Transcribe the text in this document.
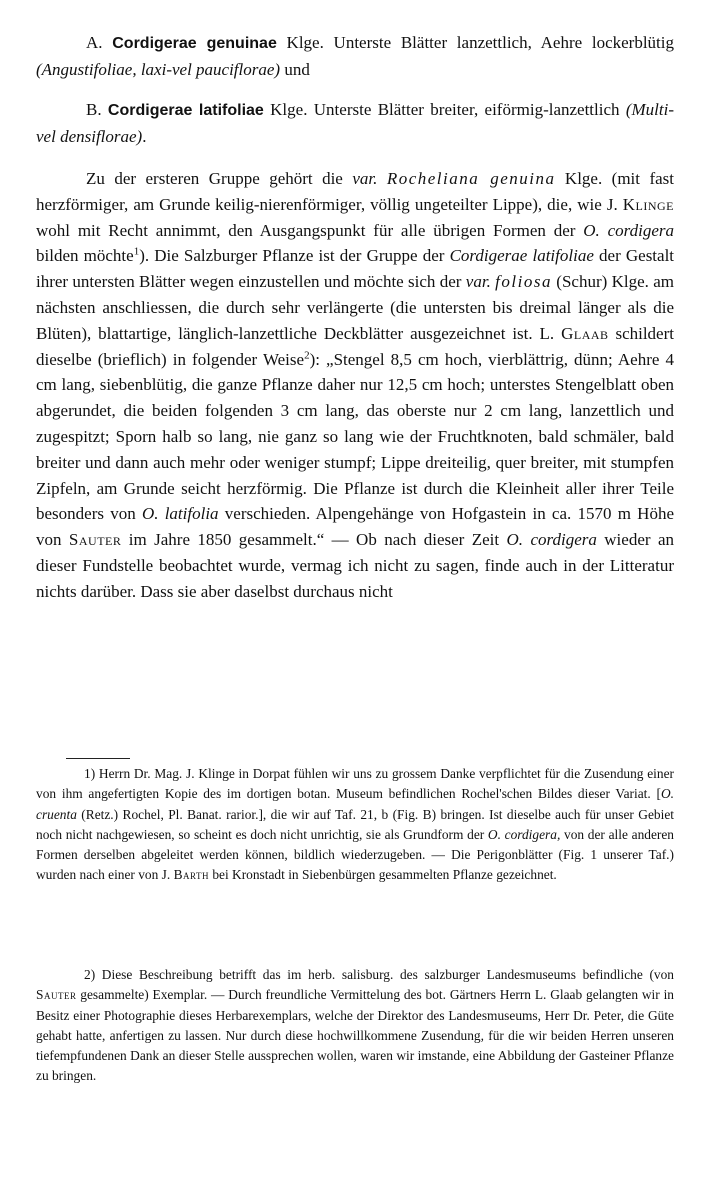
A. Cordigerae genuinae Klge. Unterste Blätter lanzettlich, Aehre lockerblütig (Angustifoliae, laxi-vel pauciflorae) und

B. Cordigerae latifoliae Klge. Unterste Blätter breiter, eiförmig-lanzettlich (Multi-vel densiflorae).

Zu der ersteren Gruppe gehört die var. Rocheliana genuina Klge. (mit fast herzförmiger, am Grunde keilig-nierenförmiger, völlig ungeteilter Lippe), die, wie J. Klinge wohl mit Recht annimmt, den Ausgangspunkt für alle übrigen Formen der O. cordigera bilden möchte$^1$). Die Salzburger Pflanze ist der Gruppe der Cordigerae latifoliae der Gestalt ihrer untersten Blätter wegen einzustellen und möchte sich der var. foliosa (Schur) Klge. am nächsten anschliessen, die durch sehr verlängerte (die untersten bis dreimal länger als die Blüten), blattartige, länglich-lanzettliche Deckblätter ausgezeichnet ist. L. Glaab schildert dieselbe (brieflich) in folgender Weise$^2$): „Stengel 8,5 cm hoch, vierblättrig, dünn; Aehre 4 cm lang, siebenblütig, die ganze Pflanze daher nur 12,5 cm hoch; unterstes Stengelblatt oben abgerundet, die beiden folgenden 3 cm lang, das oberste nur 2 cm lang, lanzettlich und zugespitzt; Sporn halb so lang, nie ganz so lang wie der Fruchtknoten, bald schmäler, bald breiter und dann auch mehr oder weniger stumpf; Lippe dreiteilig, quer breiter, mit stumpfen Zipfeln, am Grunde seicht herzförmig. Die Pflanze ist durch die Kleinheit aller ihrer Teile besonders von O. latifolia verschieden. Alpengehänge von Hofgastein in ca. 1570 m Höhe von Sauter im Jahre 1850 gesammelt.“ — Ob nach dieser Zeit O. cordigera wieder an dieser Fundstelle beobachtet wurde, vermag ich nicht zu sagen, finde auch in der Litteratur nichts darüber. Dass sie aber daselbst durchaus nicht

1) Herrn Dr. Mag. J. Klinge in Dorpat fühlen wir uns zu grossem Danke verpflichtet für die Zusendung einer von ihm angefertigten Kopie des im dortigen botan. Museum befindlichen Rochel'schen Bildes dieser Variat. [O. cruenta (Retz.) Rochel, Pl. Banat. rarior.], die wir auf Taf. 21, b (Fig. B) bringen. Ist dieselbe auch für unser Gebiet noch nicht nachgewiesen, so scheint es doch nicht unrichtig, sie als Grundform der O. cordigera, von der alle anderen Formen derselben abgeleitet werden können, bildlich wiederzugeben. — Die Perigonblätter (Fig. 1 unserer Taf.) wurden nach einer von J. Barth bei Kronstadt in Siebenbürgen gesammelten Pflanze gezeichnet.

2) Diese Beschreibung betrifft das im herb. salisburg. des salzburger Landesmuseums befindliche (von Sauter gesammelte) Exemplar. — Durch freundliche Vermittelung des bot. Gärtners Herrn L. Glaab gelangten wir in Besitz einer Photographie dieses Herbarexemplars, welche der Direktor des Landesmuseums, Herr Dr. Peter, die Güte gehabt hatte, anfertigen zu lassen. Nur durch diese hochwillkommene Zusendung, für die wir beiden Herren unseren tiefempfundenen Dank an dieser Stelle aussprechen wollen, waren wir imstande, eine Abbildung der Gasteiner Pflanze zu bringen.
